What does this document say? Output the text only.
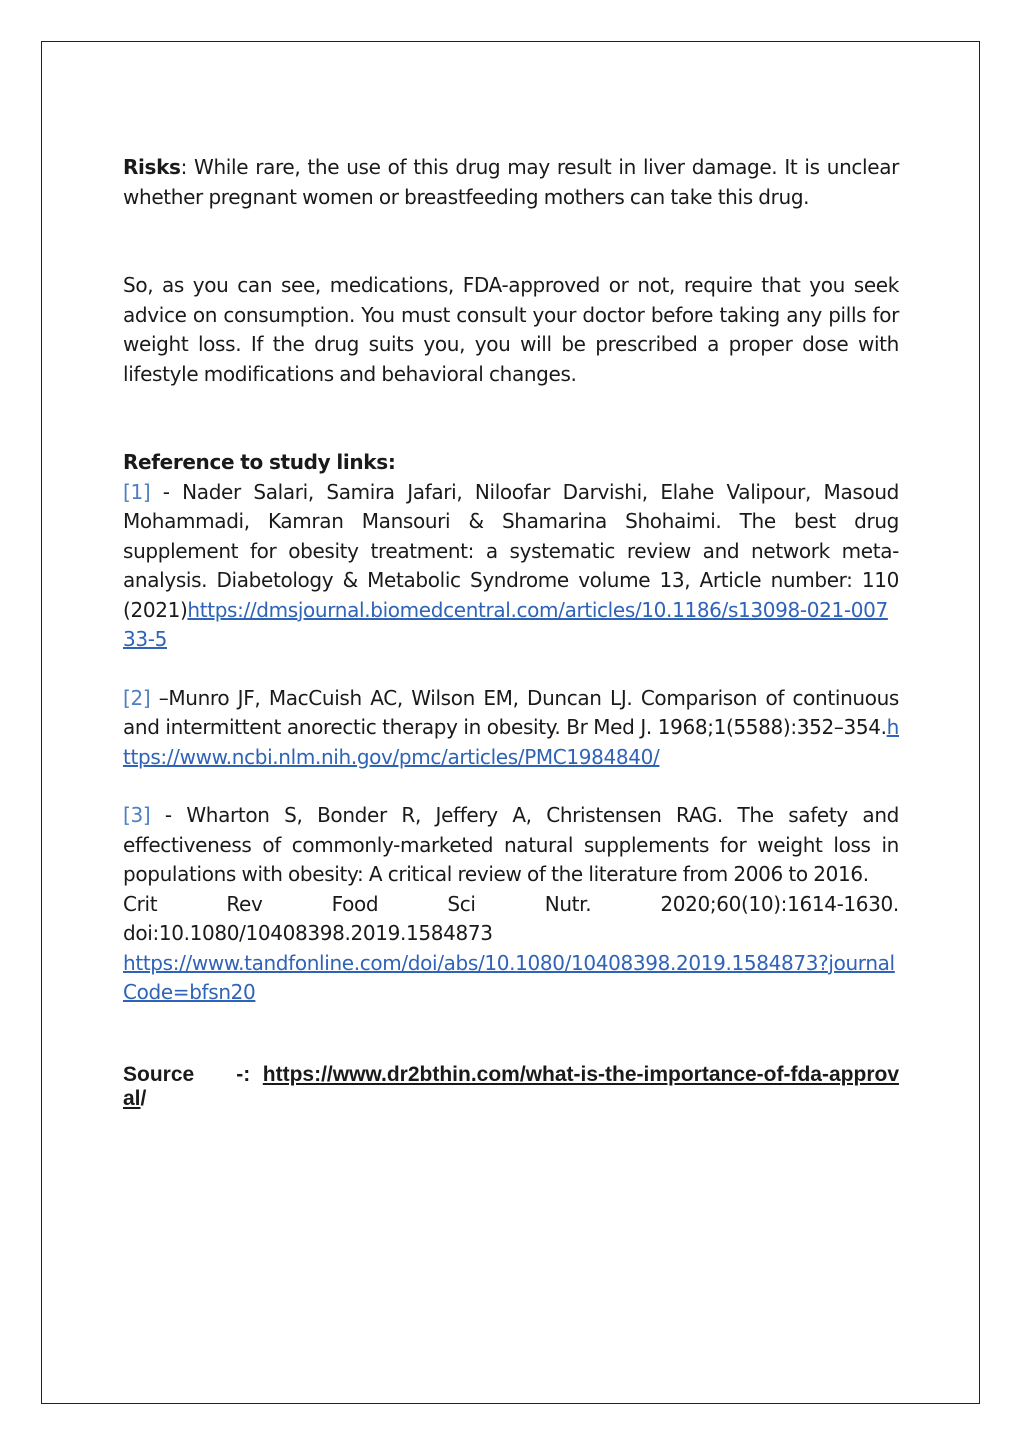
Risks: While rare, the use of this drug may result in liver damage. It is unclear whether pregnant women or breastfeeding mothers can take this drug.

So, as you can see, medications, FDA-approved or not, require that you seek advice on consumption. You must consult your doctor before taking any pills for weight loss. If the drug suits you, you will be prescribed a proper dose with lifestyle modifications and behavioral changes.

Reference to study links:

[1] - Nader Salari, Samira Jafari, Niloofar Darvishi, Elahe Valipour, Masoud Mohammadi, Kamran Mansouri & Shamarina Shohaimi. The best drug supplement for obesity treatment: a systematic review and network meta-analysis. Diabetology & Metabolic Syndrome volume 13, Article number: 110 (2021)https://dmsjournal.biomedcentral.com/articles/10.1186/s13098-021-00733-5

[2] –Munro JF, MacCuish AC, Wilson EM, Duncan LJ. Comparison of continuous and intermittent anorectic therapy in obesity. Br Med J. 1968;1(5588):352–354.https://www.ncbi.nlm.nih.gov/pmc/articles/PMC1984840/

[3] - Wharton S, Bonder R, Jeffery A, Christensen RAG. The safety and effectiveness of commonly-marketed natural supplements for weight loss in populations with obesity: A critical review of the literature from 2006 to 2016.

Crit	Rev	Food	Sci	Nutr.	2020;60(10):1614-1630.

doi:10.1080/10408398.2019.1584873

https://www.tandfonline.com/doi/abs/10.1080/10408398.2019.1584873?journalCode=bfsn20

Source -: https://www.dr2bthin.com/what-is-the-importance-of-fda-approval/
